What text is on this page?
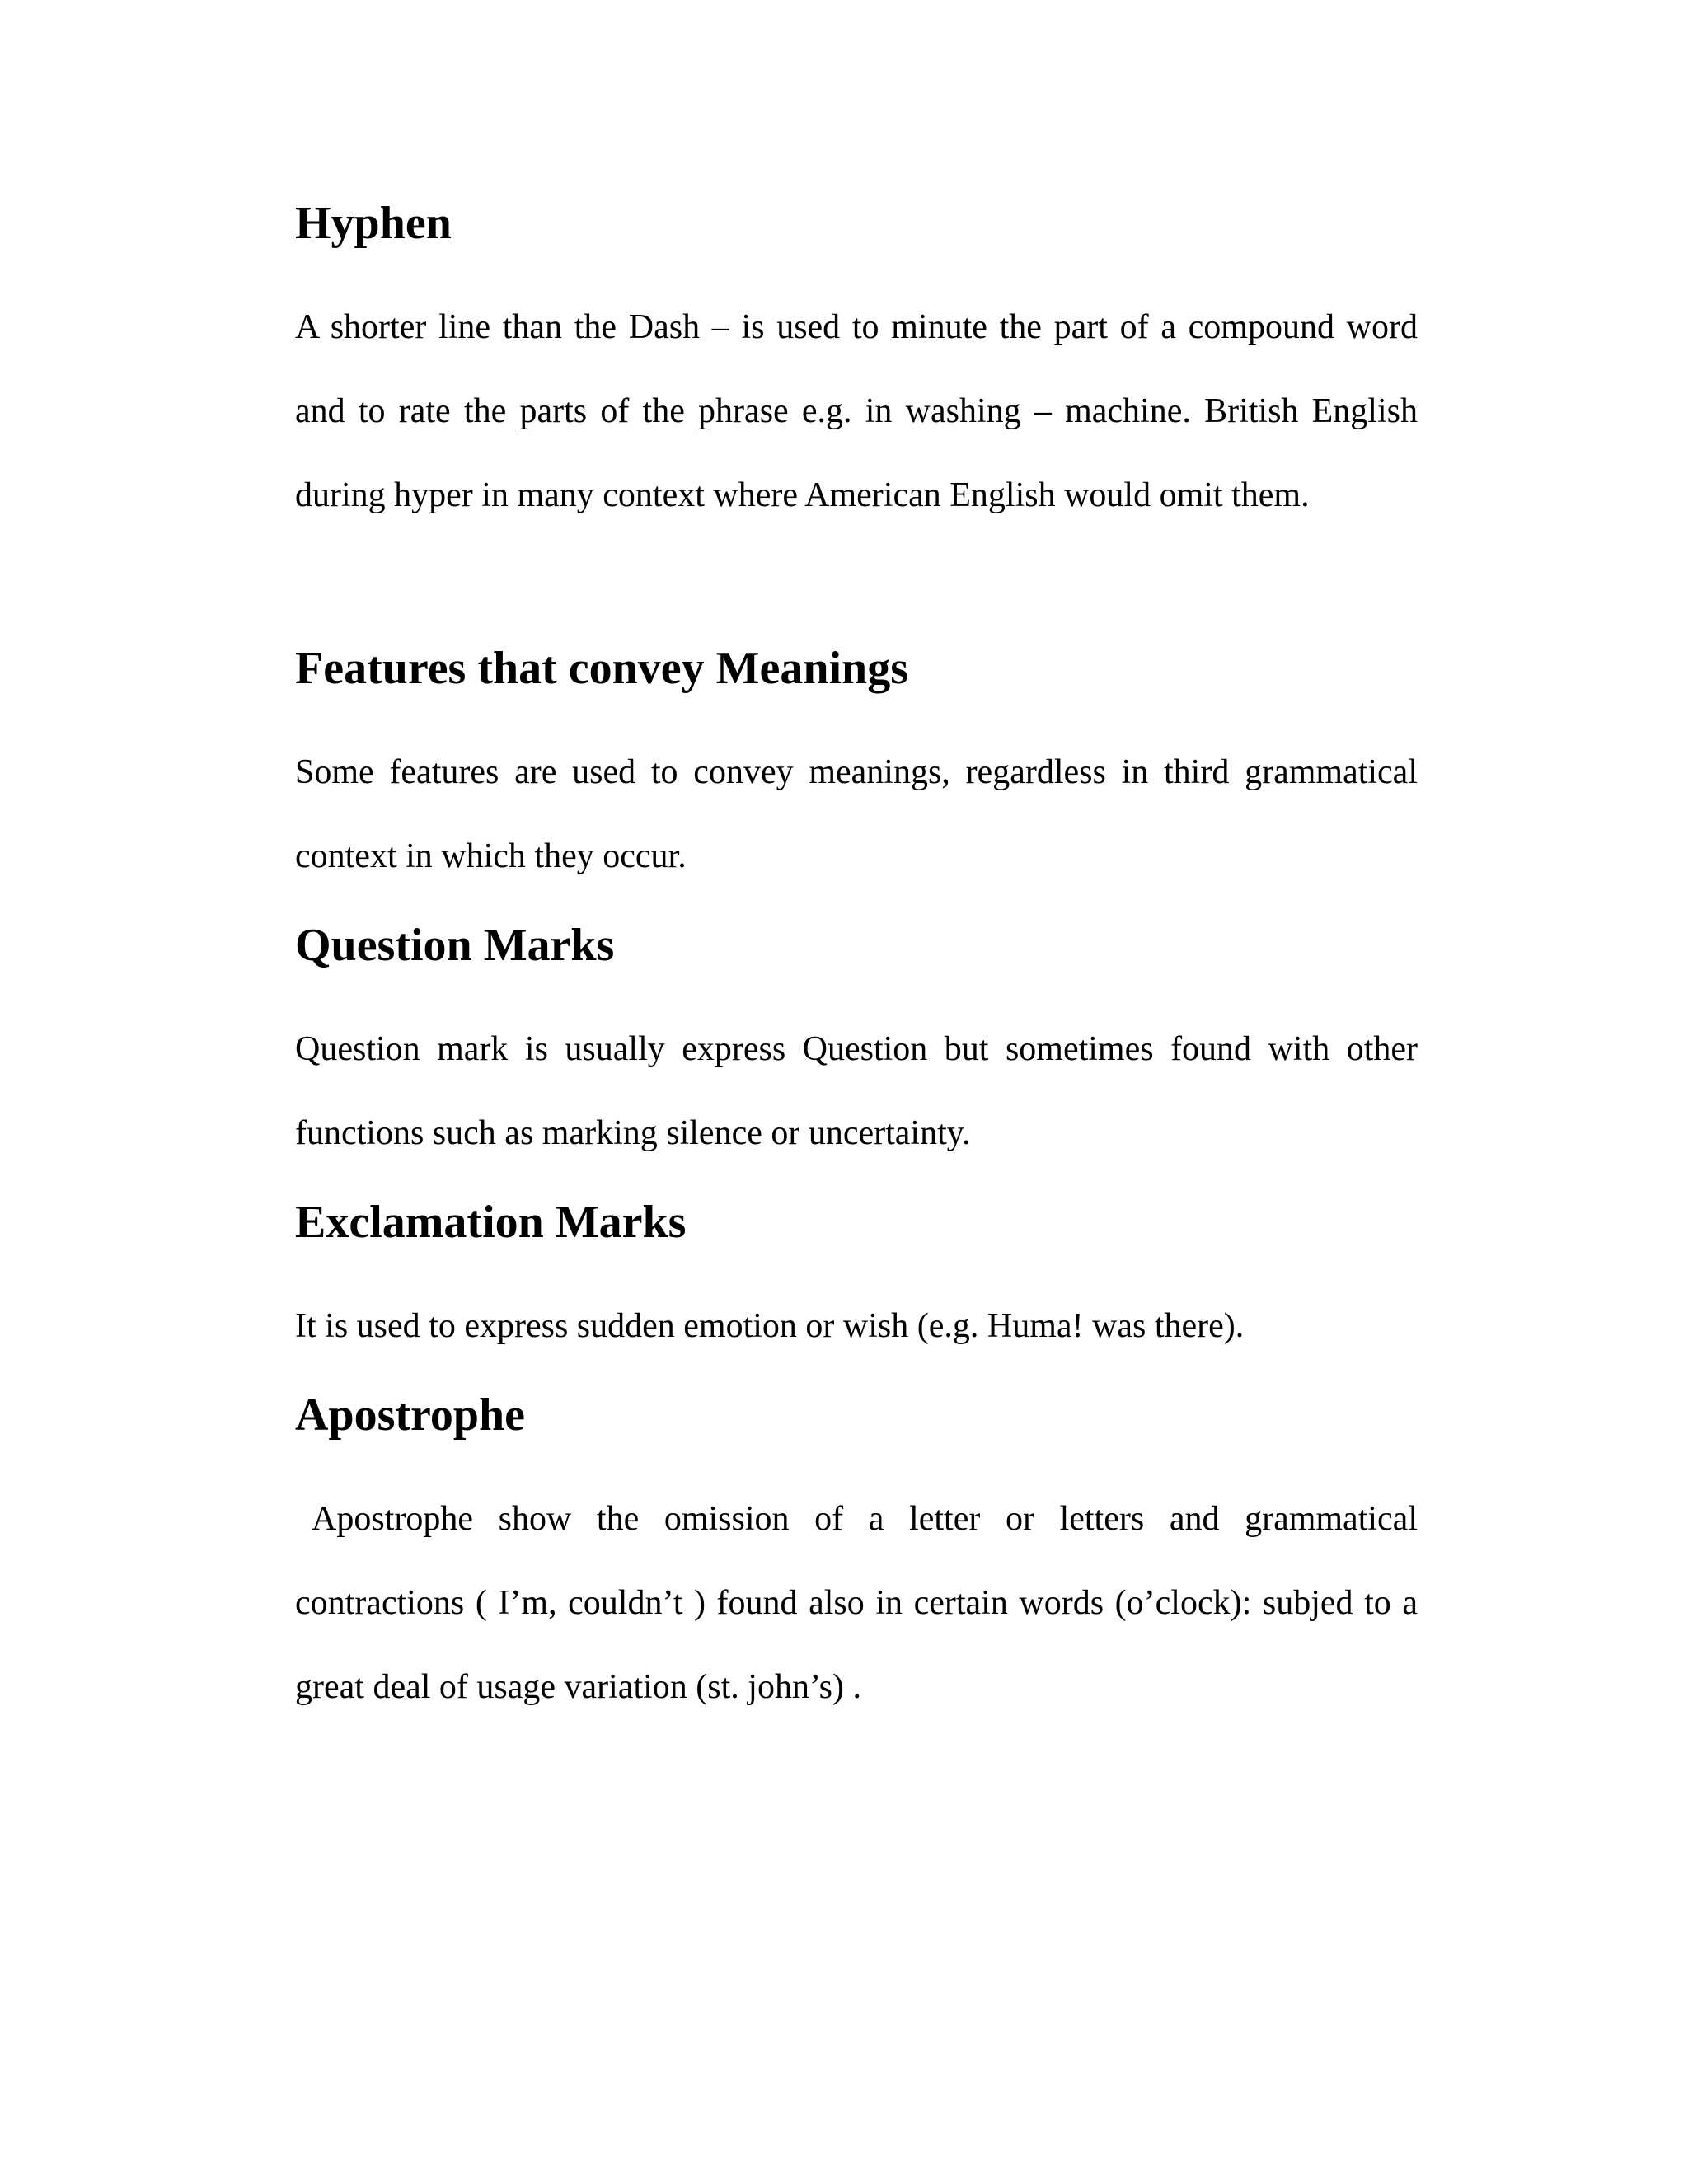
Hyphen

A shorter line than the Dash – is used to minute the part of a compound word and to rate the parts of the phrase e.g. in washing – machine. British English during hyper in many context where American English would omit them.

Features that convey Meanings

Some features are used to convey meanings, regardless in third grammatical context in which they occur.

Question Marks

Question mark is usually express Question but sometimes found with other functions such as marking silence or uncertainty.

Exclamation Marks

It is used to express sudden emotion or wish (e.g. Huma! was there).

Apostrophe

Apostrophe show the omission of a letter or letters and grammatical contractions ( I’m, couldn’t ) found also in certain words (o’clock): subjed to a great deal of usage variation (st. john’s) .
